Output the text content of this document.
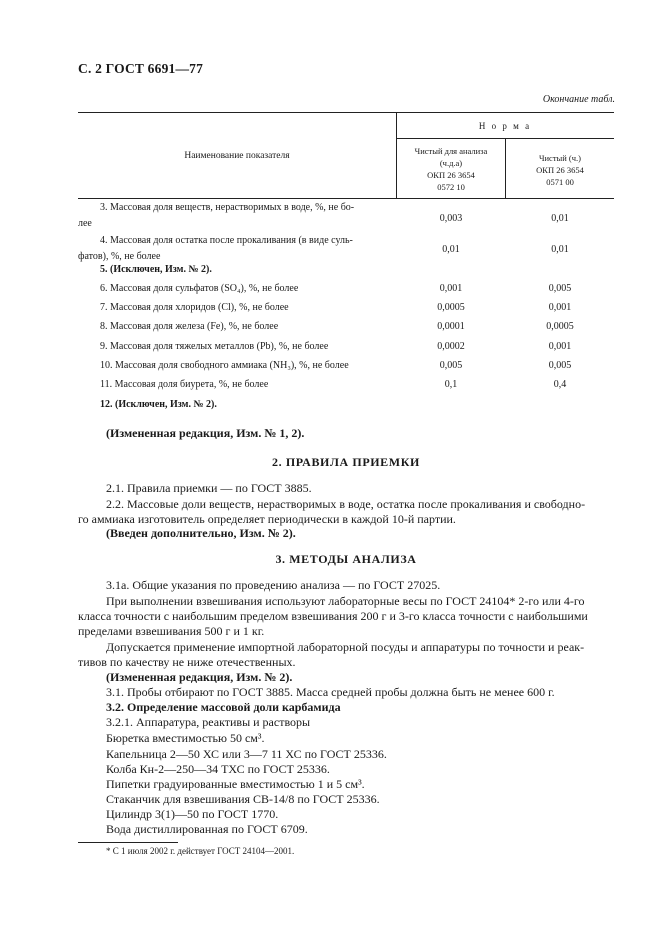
С. 2 ГОСТ 6691—77
Окончание табл.
Наименование показателя
Н о р м а
Чистый для анализа
(ч.д.а)
ОКП 26 3654
0572 10
Чистый (ч.)
ОКП 26 3654
0571 00
3. Массовая доля веществ, нерастворимых в воде, %, не бо-
лее	0,003	0,01
4. Массовая доля остатка после прокаливания (в виде суль-
фатов), %, не более
0,01	0,01
5. (Исключен, Изм. № 2).
6. Массовая доля сульфатов (SO₄), %, не более	0,001	0,005
7. Массовая доля хлоридов (Cl), %, не более	0,0005	0,001
8. Массовая доля железа (Fe), %, не более	0,0001	0,0005
9. Массовая доля тяжелых металлов (Pb), %, не более	0,0002	0,001
10. Массовая доля свободного аммиака (NH₃), %, не более	0,005	0,005
11. Массовая доля биурета, %, не более	0,1	0,4
12. (Исключен, Изм. № 2).
(Измененная редакция, Изм. № 1, 2).
2. ПРАВИЛА ПРИЕМКИ
2.1. Правила приемки — по ГОСТ 3885.
2.2. Массовые доли веществ, нерастворимых в воде, остатка после прокаливания и свободно-
го аммиака изготовитель определяет периодически в каждой 10-й партии.
(Введен дополнительно, Изм. № 2).
3. МЕТОДЫ АНАЛИЗА
3.1а. Общие указания по проведению анализа — по ГОСТ 27025.
При выполнении взвешивания используют лабораторные весы по ГОСТ 24104* 2-го или 4-го
класса точности с наибольшим пределом взвешивания 200 г и 3-го класса точности с наибольшими
пределами взвешивания 500 г и 1 кг.
Допускается применение импортной лабораторной посуды и аппаратуры по точности и реак-
тивов по качеству не ниже отечественных.
(Измененная редакция, Изм. № 2).
3.1. Пробы отбирают по ГОСТ 3885. Масса средней пробы должна быть не менее 600 г.
3.2. Определение массовой доли карбамида
3.2.1. Аппаратура, реактивы и растворы
Бюретка вместимостью 50 см³.
Капельница 2—50 ХС или 3—7 11 ХС по ГОСТ 25336.
Колба Кн-2—250—34 ТХС по ГОСТ 25336.
Пипетки градуированные вместимостью 1 и 5 см³.
Стаканчик для взвешивания СВ-14/8 по ГОСТ 25336.
Цилиндр 3(1)—50 по ГОСТ 1770.
Вода дистиллированная по ГОСТ 6709.
* С 1 июля 2002 г. действует ГОСТ 24104—2001.
